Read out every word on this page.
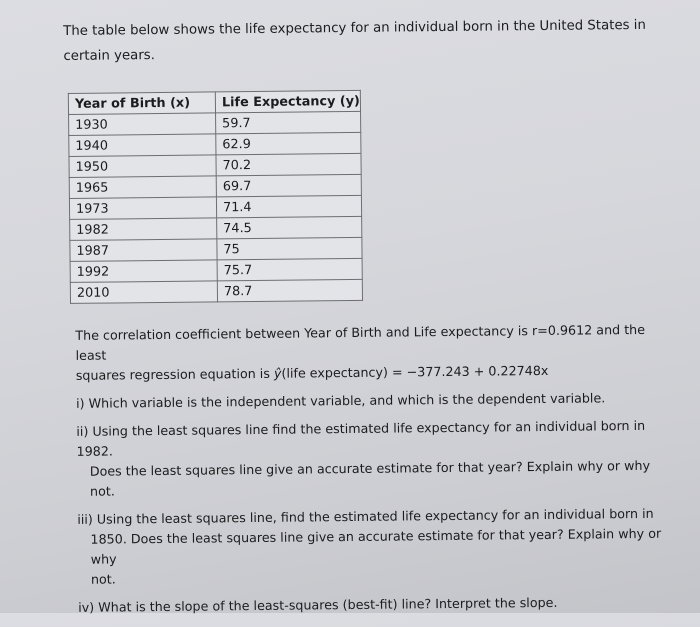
The table below shows the life expectancy for an individual born in the United States in certain years.

Year of Birth (x)	Life Expectancy (y)
1930	59.7
1940	62.9
1950	70.2
1965	69.7
1973	71.4
1982	74.5
1987	75
1992	75.7
2010	78.7

The correlation coefficient between Year of Birth and Life expectancy is r=0.9612 and the least
squares regression equation is ŷ(life expectancy) = −377.243 + 0.22748x

i) Which variable is the independent variable, and which is the dependent variable.

ii) Using the least squares line find the estimated life expectancy for an individual born in 1982.
Does the least squares line give an accurate estimate for that year? Explain why or why not.

iii) Using the least squares line, find the estimated life expectancy for an individual born in
1850. Does the least squares line give an accurate estimate for that year? Explain why or why
not.

iv) What is the slope of the least-squares (best-fit) line? Interpret the slope.
